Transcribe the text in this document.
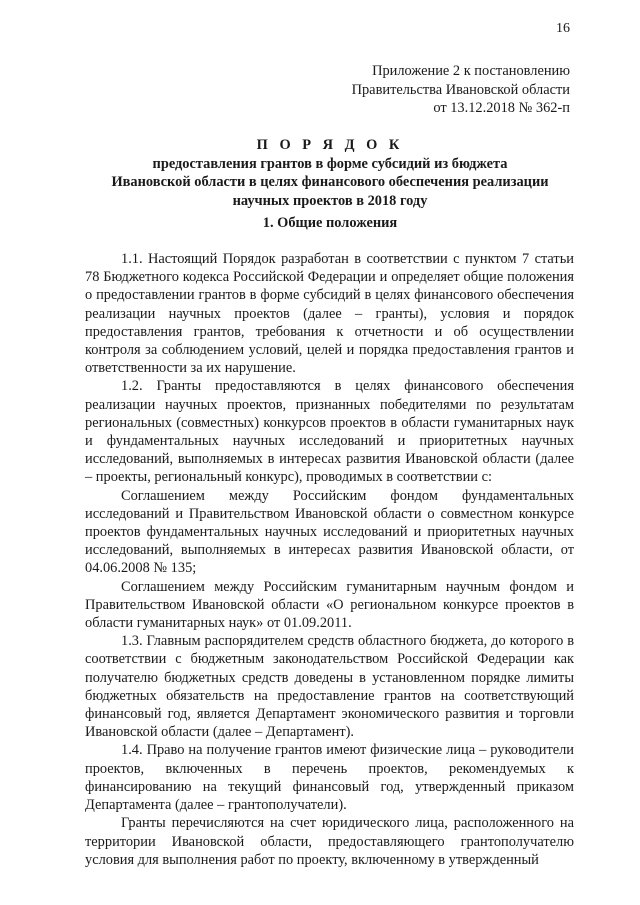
16
Приложение 2 к постановлению
Правительства Ивановской области
от 13.12.2018 № 362-п
П О Р Я Д О К
предоставления грантов в форме субсидий из бюджета
Ивановской области в целях финансового обеспечения реализации
научных проектов в 2018 году
1. Общие положения

1.1. Настоящий Порядок разработан в соответствии с пунктом 7 статьи 78 Бюджетного кодекса Российской Федерации и определяет общие положения о предоставлении грантов в форме субсидий в целях финансового обеспечения реализации научных проектов (далее – гранты), условия и порядок предоставления грантов, требования к отчетности и об осуществлении контроля за соблюдением условий, целей и порядка предоставления грантов и ответственности за их нарушение.

1.2. Гранты предоставляются в целях финансового обеспечения реализации научных проектов, признанных победителями по результатам региональных (совместных) конкурсов проектов в области гуманитарных наук и фундаментальных научных исследований и приоритетных научных исследований, выполняемых в интересах развития Ивановской области (далее – проекты, региональный конкурс), проводимых в соответствии с:

Соглашением между Российским фондом фундаментальных исследований и Правительством Ивановской области о совместном конкурсе проектов фундаментальных научных исследований и приоритетных научных исследований, выполняемых в интересах развития Ивановской области, от 04.06.2008 № 135;

Соглашением между Российским гуманитарным научным фондом и Правительством Ивановской области «О региональном конкурсе проектов в области гуманитарных наук» от 01.09.2011.

1.3. Главным распорядителем средств областного бюджета, до которого в соответствии с бюджетным законодательством Российской Федерации как получателю бюджетных средств доведены в установленном порядке лимиты бюджетных обязательств на предоставление грантов на соответствующий финансовый год, является Департамент экономического развития и торговли Ивановской области (далее – Департамент).

1.4. Право на получение грантов имеют физические лица – руководители проектов, включенных в перечень проектов, рекомендуемых к финансированию на текущий финансовый год, утвержденный приказом Департамента (далее – грантополучатели).

Гранты перечисляются на счет юридического лица, расположенного на территории Ивановской области, предоставляющего грантополучателю условия для выполнения работ по проекту, включенному в утвержденный
